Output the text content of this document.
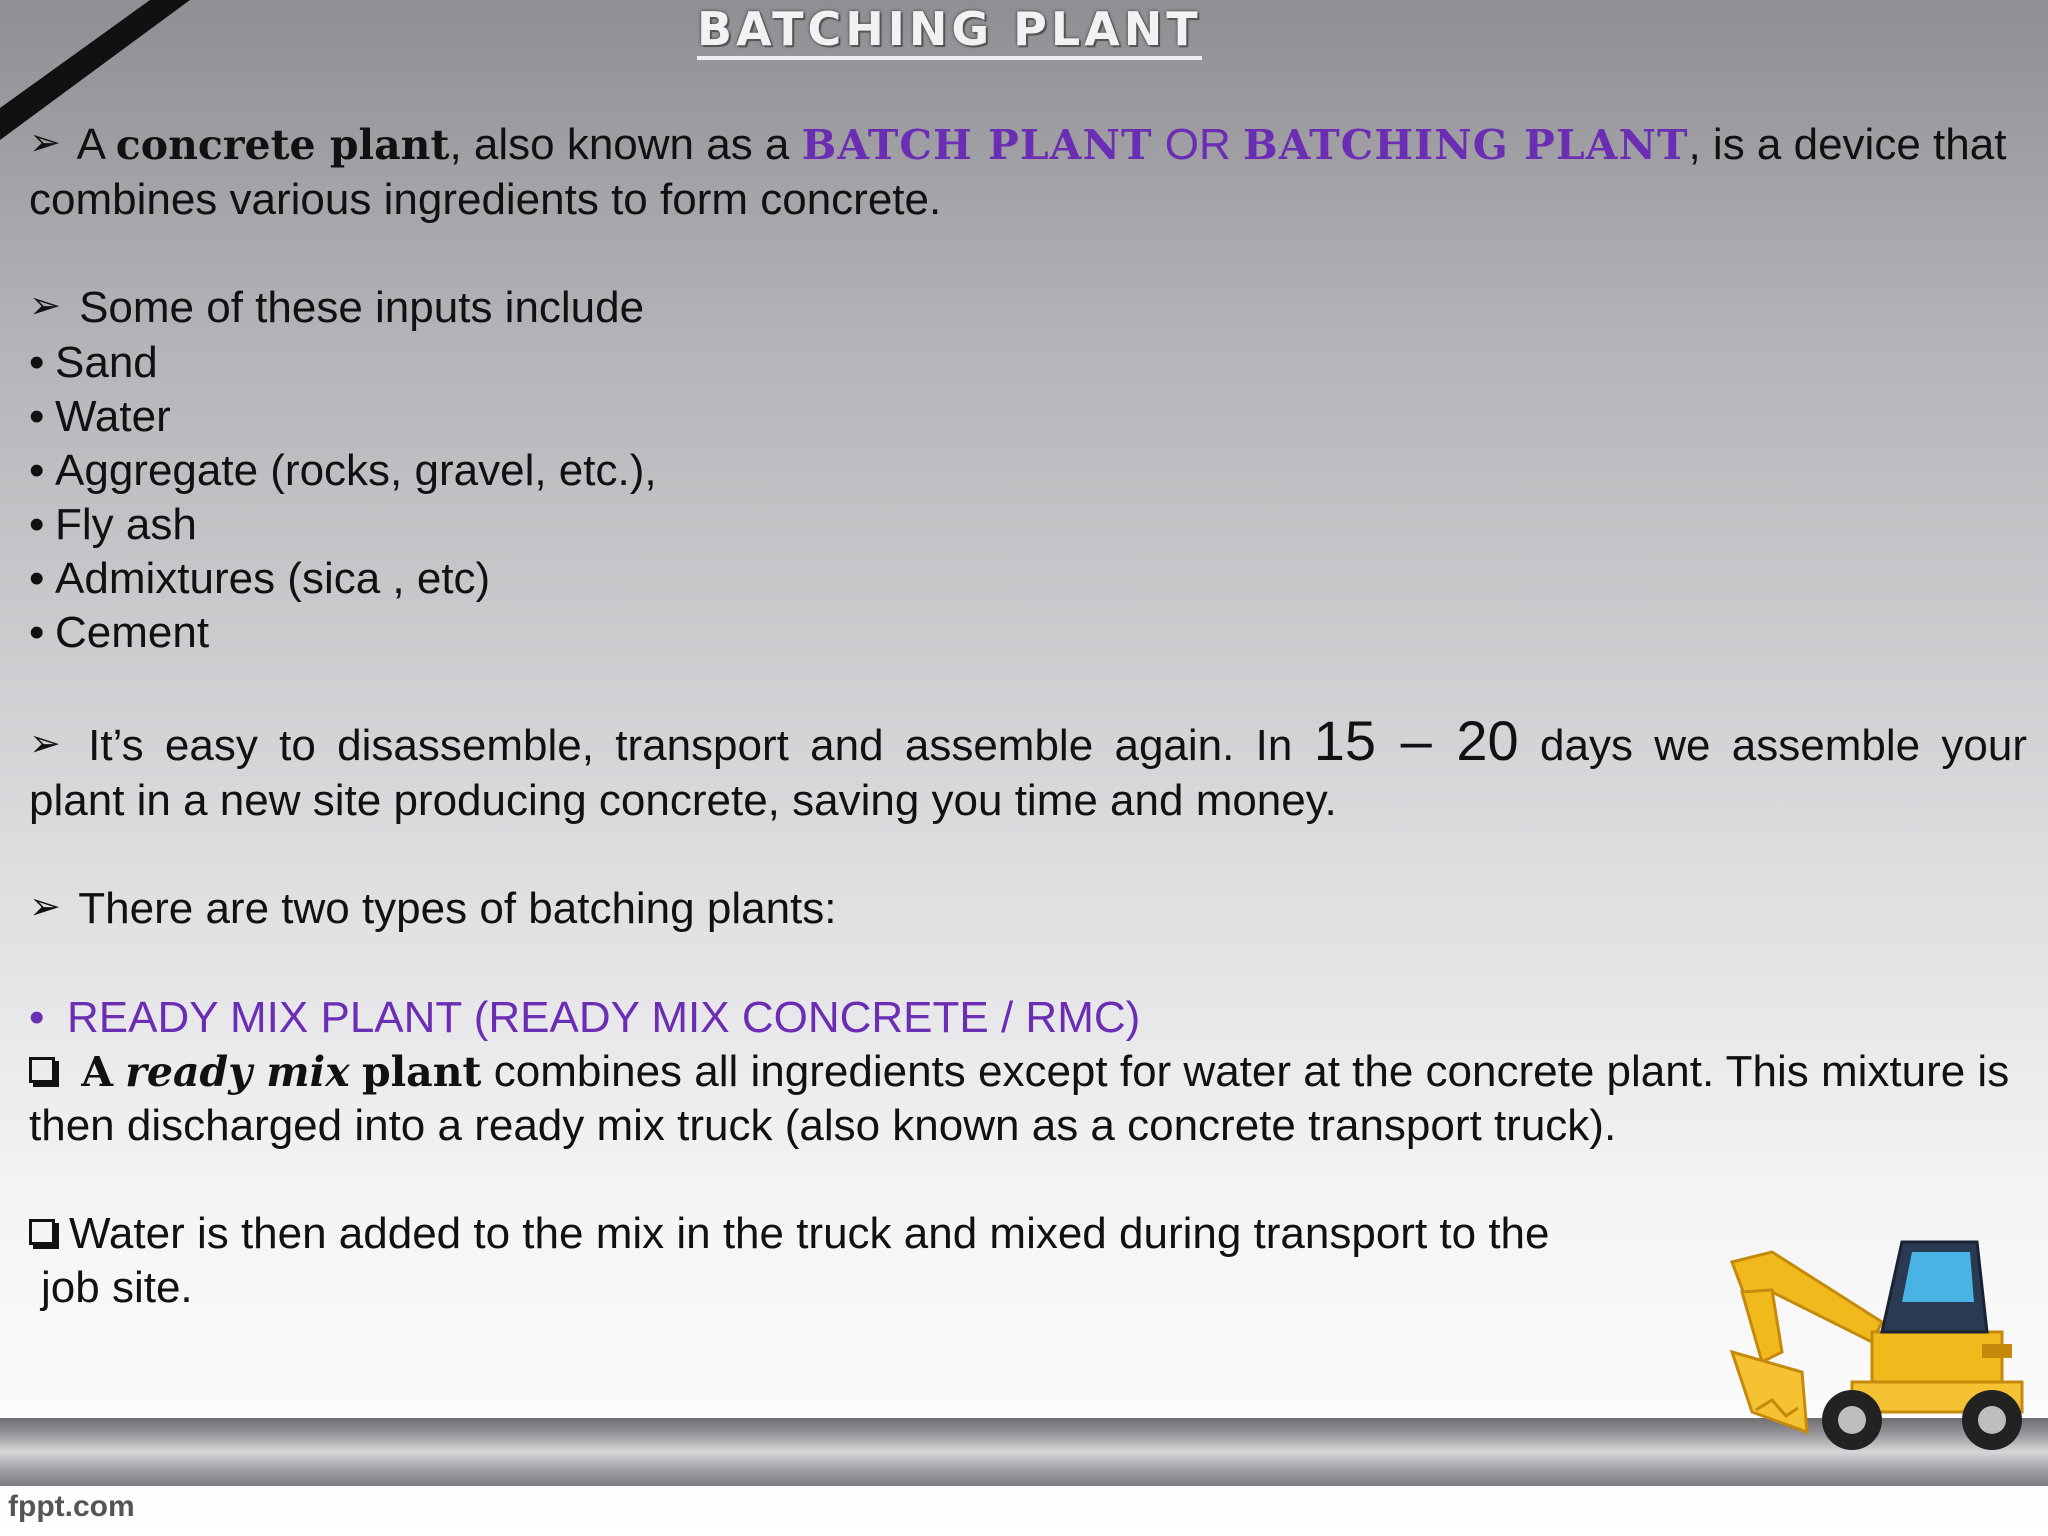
BATCHING PLANT

➢ A concrete plant, also known as a BATCH PLANT OR BATCHING PLANT, is a device that combines various ingredients to form concrete.

➢ Some of these inputs include

• Sand
• Water
• Aggregate (rocks, gravel, etc.),
• Fly ash
• Admixtures (sica , etc)
• Cement

➢ It’s easy to disassemble, transport and assemble again. In 15 – 20 days we assemble your

plant in a new site producing concrete, saving you time and money.

➢ There are two types of batching plants:

• READY MIX PLANT (READY MIX CONCRETE / RMC)

A ready mix plant combines all ingredients except for water at the concrete plant. This mixture is then discharged into a ready mix truck (also known as a concrete transport truck).

Water is then added to the mix in the truck and mixed during transport to the

job site.

fppt.com
